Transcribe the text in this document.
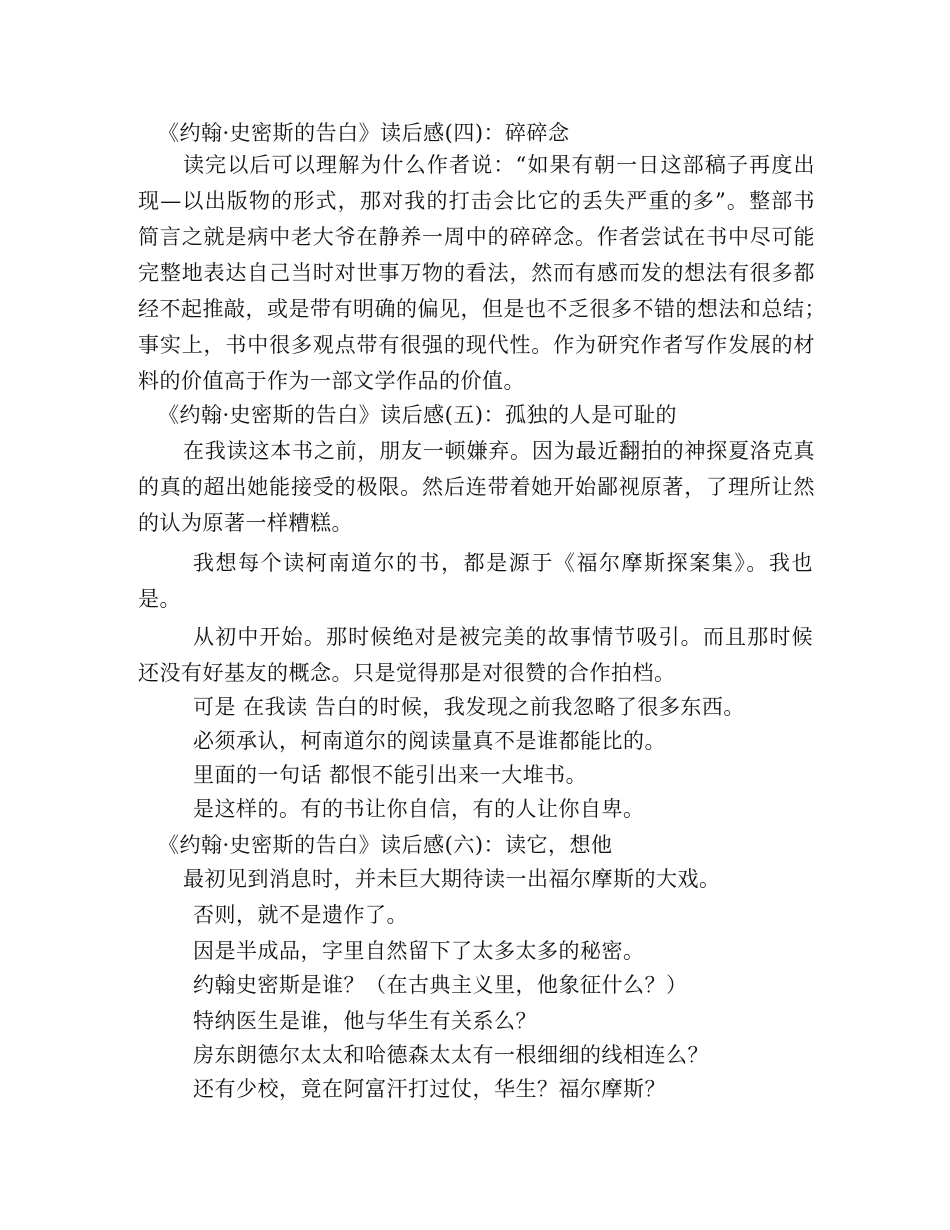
《约翰·史密斯的告白》读后感(四)：碎碎念
读完以后可以理解为什么作者说：“如果有朝一日这部稿子再度出
现—以出版物的形式，那对我的打击会比它的丢失严重的多”。整部书
简言之就是病中老大爷在静养一周中的碎碎念。作者尝试在书中尽可能
完整地表达自己当时对世事万物的看法，然而有感而发的想法有很多都
经不起推敲，或是带有明确的偏见，但是也不乏很多不错的想法和总结；
事实上，书中很多观点带有很强的现代性。作为研究作者写作发展的材
料的价值高于作为一部文学作品的价值。
《约翰·史密斯的告白》读后感(五)：孤独的人是可耻的
在我读这本书之前，朋友一顿嫌弃。因为最近翻拍的神探夏洛克真
的真的超出她能接受的极限。然后连带着她开始鄙视原著，了理所让然
的认为原著一样糟糕。
我想每个读柯南道尔的书，都是源于《福尔摩斯探案集》。我也
是。
从初中开始。那时候绝对是被完美的故事情节吸引。而且那时候
还没有好基友的概念。只是觉得那是对很赞的合作拍档。
可是 在我读 告白的时候，我发现之前我忽略了很多东西。
必须承认，柯南道尔的阅读量真不是谁都能比的。
里面的一句话 都恨不能引出来一大堆书。
是这样的。有的书让你自信，有的人让你自卑。
《约翰·史密斯的告白》读后感(六)：读它，想他
最初见到消息时，并未巨大期待读一出福尔摩斯的大戏。
否则，就不是遗作了。
因是半成品，字里自然留下了太多太多的秘密。
约翰史密斯是谁？（在古典主义里，他象征什么？）
特纳医生是谁，他与华生有关系么？
房东朗德尔太太和哈德森太太有一根细细的线相连么？
还有少校，竟在阿富汗打过仗，华生？福尔摩斯？
